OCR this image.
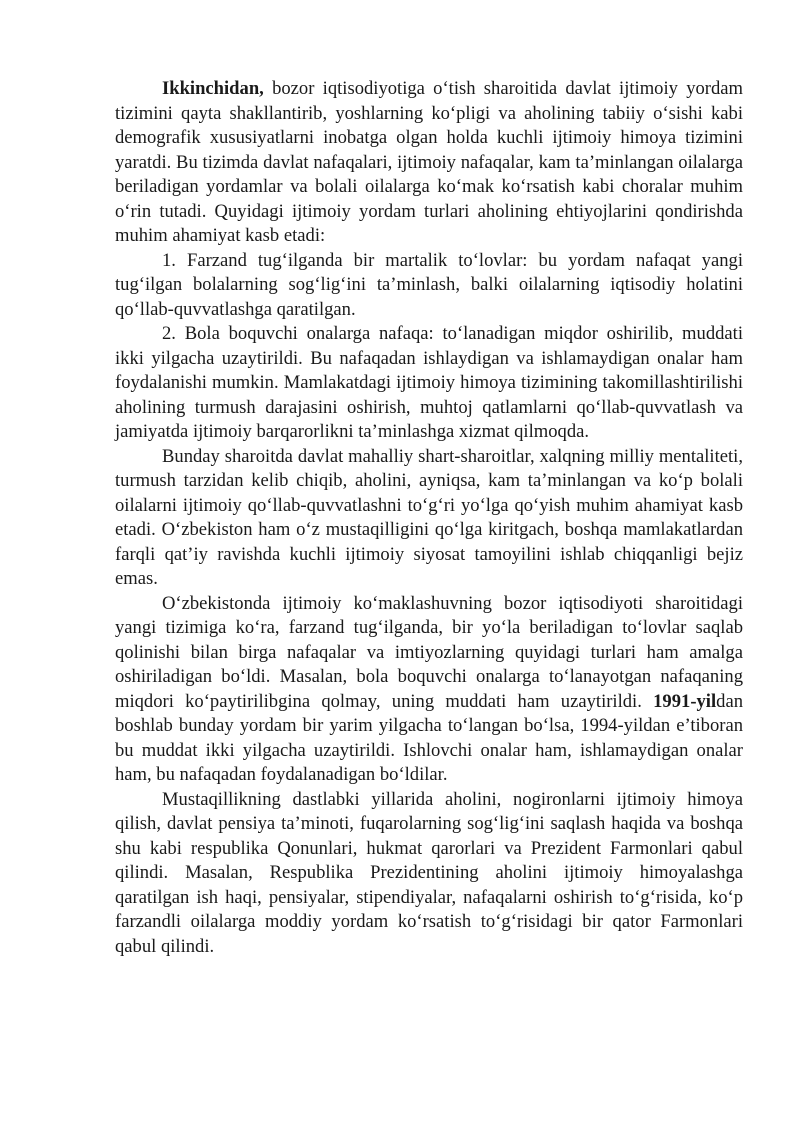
Ikkinchidan, bozor iqtisodiyotiga o‘tish sharoitida davlat ijtimoiy yordam tizimini qayta shakllantirib, yoshlarning ko‘pligi va aholining tabiiy o‘sishi kabi demografik xususiyatlarni inobatga olgan holda kuchli ijtimoiy himoya tizimini yaratdi. Bu tizimda davlat nafaqalari, ijtimoiy nafaqalar, kam ta’minlangan oilalarga beriladigan yordamlar va bolali oilalarga ko‘mak ko‘rsatish kabi choralar muhim o‘rin tutadi. Quyidagi ijtimoiy yordam turlari aholining ehtiyojlarini qondirishda muhim ahamiyat kasb etadi:

1. Farzand tug‘ilganda bir martalik to‘lovlar: bu yordam nafaqat yangi tug‘ilgan bolalarning sog‘lig‘ini ta’minlash, balki oilalarning iqtisodiy holatini qo‘llab-quvvatlashga qaratilgan.

2. Bola boquvchi onalarga nafaqa: to‘lanadigan miqdor oshirilib, muddati ikki yilgacha uzaytirildi. Bu nafaqadan ishlaydigan va ishlamaydigan onalar ham foydalanishi mumkin. Mamlakatdagi ijtimoiy himoya tizimining takomillashtirilishi aholining turmush darajasini oshirish, muhtoj qatlamlarni qo‘llab-quvvatlash va jamiyatda ijtimoiy barqarorlikni ta’minlashga xizmat qilmoqda.

Bunday sharoitda davlat mahalliy shart-sharoitlar, xalqning milliy mentaliteti, turmush tarzidan kelib chiqib, aholini, ayniqsa, kam ta’minlangan va ko‘p bolali oilalarni ijtimoiy qo‘llab-quvvatlashni to‘g‘ri yo‘lga qo‘yish muhim ahamiyat kasb etadi. O‘zbekiston ham o‘z mustaqilligini qo‘lga kiritgach, boshqa mamlakatlardan farqli qat’iy ravishda kuchli ijtimoiy siyosat tamoyilini ishlab chiqqanligi bejiz emas.

O‘zbekistonda ijtimoiy ko‘maklashuvning bozor iqtisodiyoti sharoitidagi yangi tizimiga ko‘ra, farzand tug‘ilganda, bir yo‘la beriladigan to‘lovlar saqlab qolinishi bilan birga nafaqalar va imtiyozlarning quyidagi turlari ham amalga oshiriladigan bo‘ldi. Masalan, bola boquvchi onalarga to‘lanayotgan nafaqaning miqdori ko‘paytirilibgina qolmay, uning muddati ham uzaytirildi. 1991-yildan boshlab bunday yordam bir yarim yilgacha to‘langan bo‘lsa, 1994-yildan e’tiboran bu muddat ikki yilgacha uzaytirildi. Ishlovchi onalar ham, ishlamaydigan onalar ham, bu nafaqadan foydalanadigan bo‘ldilar.

Mustaqillikning dastlabki yillarida aholini, nogironlarni ijtimoiy himoya qilish, davlat pensiya ta’minoti, fuqarolarning sog‘lig‘ini saqlash haqida va boshqa shu kabi respublika Qonunlari, hukmat qarorlari va Prezident Farmonlari qabul qilindi. Masalan, Respublika Prezidentining aholini ijtimoiy himoyalashga qaratilgan ish haqi, pensiyalar, stipendiyalar, nafaqalarni oshirish to‘g‘risida, ko‘p farzandli oilalarga moddiy yordam ko‘rsatish to‘g‘risidagi bir qator Farmonlari qabul qilindi.
